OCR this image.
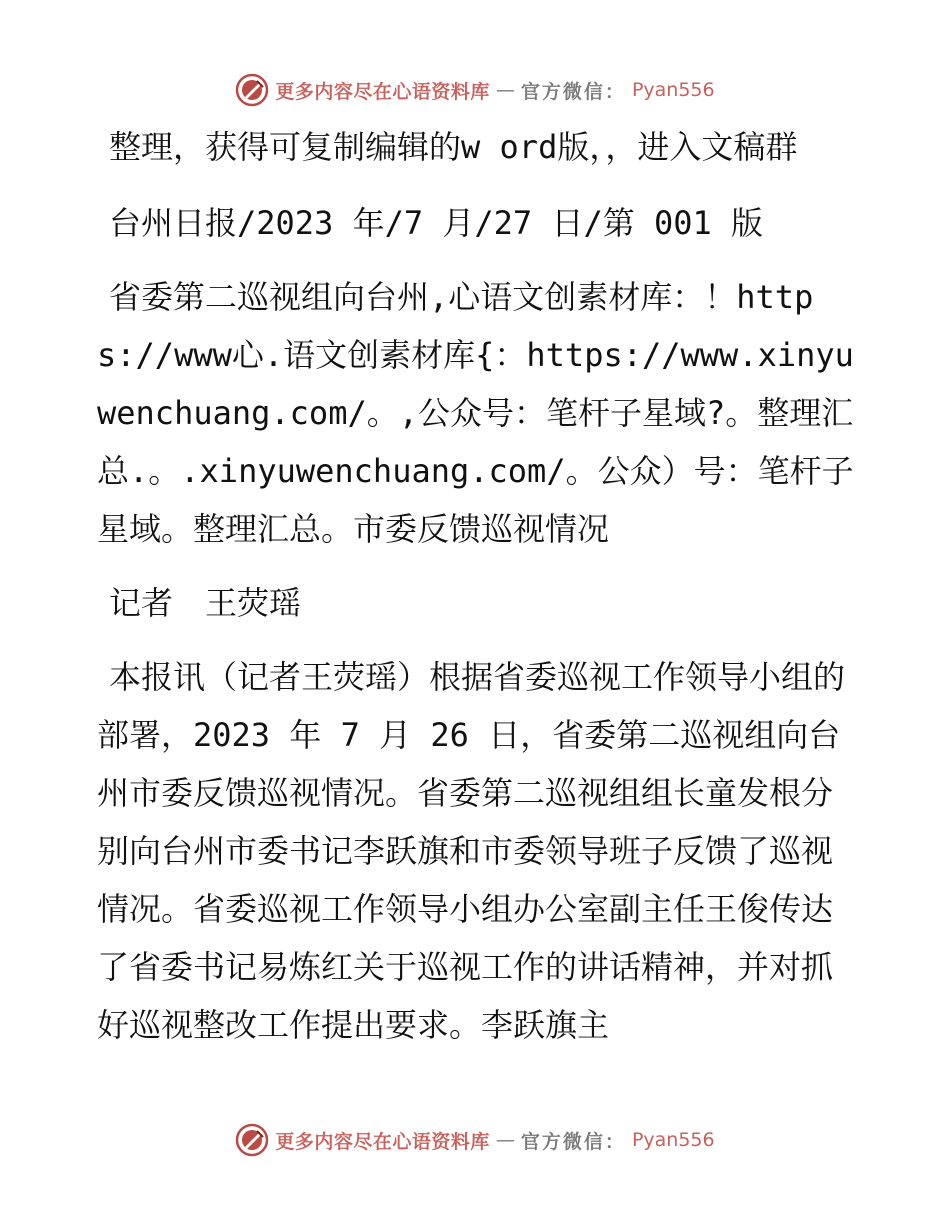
更多内容尽在心语资料库 — 官方微信： Pyan556

整理，获得可复制编辑的w ord版，，进入文稿群

台州日报/2023 年/7 月/27 日/第 001 版

省委第二巡视组向台州,心语文创素材库：！https://www心.语文创素材库{：https://www.xinyuwenchuang.com/。,公众号：笔杆子星域?。整理汇总.。.xinyuwenchuang.com/。公众）号：笔杆子星域。整理汇总。市委反馈巡视情况

记者　王荧瑶

本报讯（记者王荧瑶）根据省委巡视工作领导小组的部署，2023 年 7 月 26 日，省委第二巡视组向台州市委反馈巡视情况。省委第二巡视组组长童发根分别向台州市委书记李跃旗和市委领导班子反馈了巡视情况。省委巡视工作领导小组办公室副主任王俊传达了省委书记易炼红关于巡视工作的讲话精神，并对抓好巡视整改工作提出要求。李跃旗主

更多内容尽在心语资料库 — 官方微信： Pyan556
